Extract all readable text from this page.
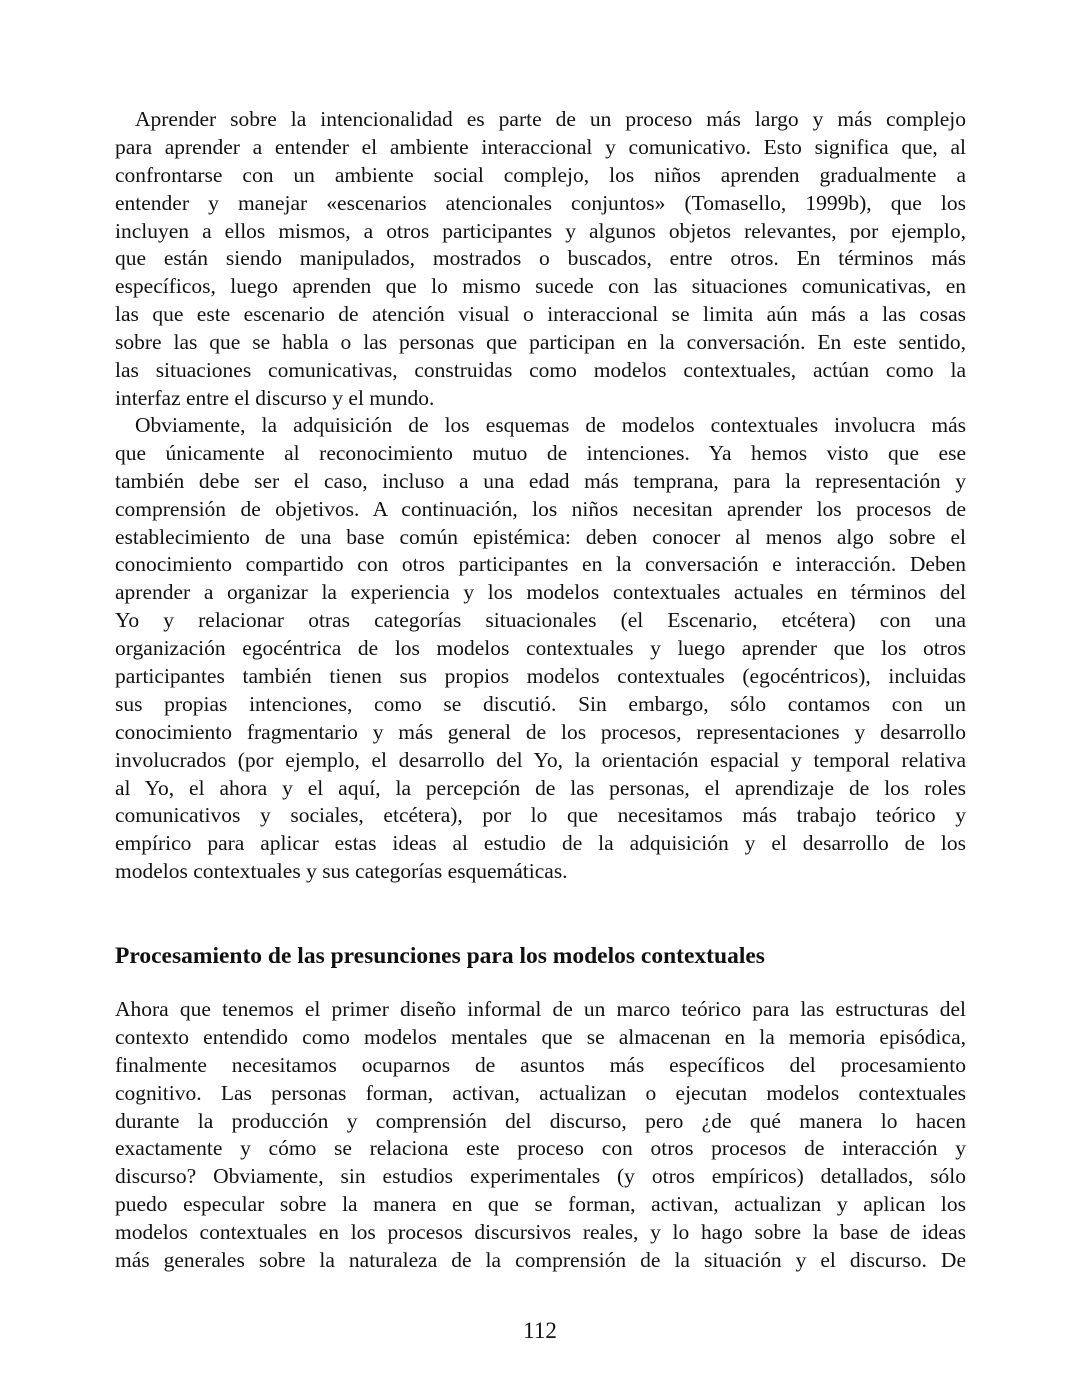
Aprender sobre la intencionalidad es parte de un proceso más largo y más complejo
para aprender a entender el ambiente interaccional y comunicativo. Esto significa que, al
confrontarse con un ambiente social complejo, los niños aprenden gradualmente a
entender y manejar «escenarios atencionales conjuntos» (Tomasello, 1999b), que los
incluyen a ellos mismos, a otros participantes y algunos objetos relevantes, por ejemplo,
que están siendo manipulados, mostrados o buscados, entre otros. En términos más
específicos, luego aprenden que lo mismo sucede con las situaciones comunicativas, en
las que este escenario de atención visual o interaccional se limita aún más a las cosas
sobre las que se habla o las personas que participan en la conversación. En este sentido,
las situaciones comunicativas, construidas como modelos contextuales, actúan como la
interfaz entre el discurso y el mundo.
Obviamente, la adquisición de los esquemas de modelos contextuales involucra más
que únicamente al reconocimiento mutuo de intenciones. Ya hemos visto que ese
también debe ser el caso, incluso a una edad más temprana, para la representación y
comprensión de objetivos. A continuación, los niños necesitan aprender los procesos de
establecimiento de una base común epistémica: deben conocer al menos algo sobre el
conocimiento compartido con otros participantes en la conversación e interacción. Deben
aprender a organizar la experiencia y los modelos contextuales actuales en términos del
Yo y relacionar otras categorías situacionales (el Escenario, etcétera) con una
organización egocéntrica de los modelos contextuales y luego aprender que los otros
participantes también tienen sus propios modelos contextuales (egocéntricos), incluidas
sus propias intenciones, como se discutió. Sin embargo, sólo contamos con un
conocimiento fragmentario y más general de los procesos, representaciones y desarrollo
involucrados (por ejemplo, el desarrollo del Yo, la orientación espacial y temporal relativa
al Yo, el ahora y el aquí, la percepción de las personas, el aprendizaje de los roles
comunicativos y sociales, etcétera), por lo que necesitamos más trabajo teórico y
empírico para aplicar estas ideas al estudio de la adquisición y el desarrollo de los
modelos contextuales y sus categorías esquemáticas.
Procesamiento de las presunciones para los modelos contextuales
Ahora que tenemos el primer diseño informal de un marco teórico para las estructuras del
contexto entendido como modelos mentales que se almacenan en la memoria episódica,
finalmente necesitamos ocuparnos de asuntos más específicos del procesamiento
cognitivo. Las personas forman, activan, actualizan o ejecutan modelos contextuales
durante la producción y comprensión del discurso, pero ¿de qué manera lo hacen
exactamente y cómo se relaciona este proceso con otros procesos de interacción y
discurso? Obviamente, sin estudios experimentales (y otros empíricos) detallados, sólo
puedo especular sobre la manera en que se forman, activan, actualizan y aplican los
modelos contextuales en los procesos discursivos reales, y lo hago sobre la base de ideas
más generales sobre la naturaleza de la comprensión de la situación y el discurso. De
112
